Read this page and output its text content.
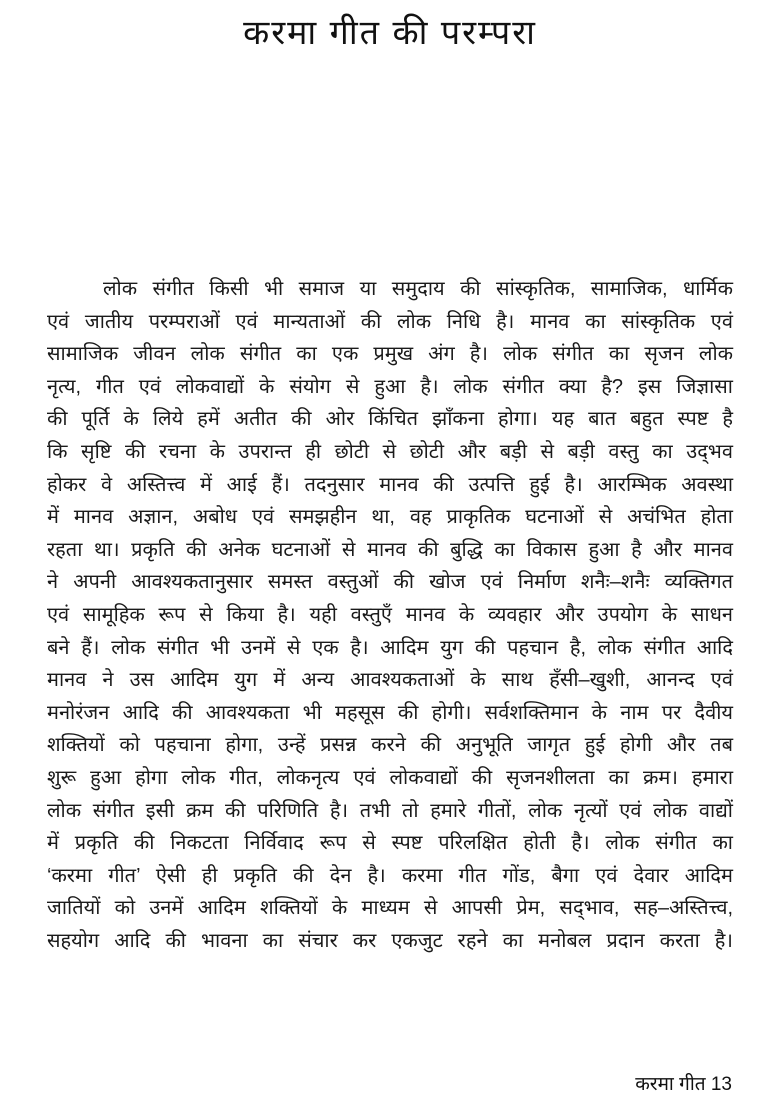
करमा गीत की परम्परा
लोक संगीत किसी भी समाज या समुदाय की सांस्कृतिक, सामाजिक, धार्मिक
एवं जातीय परम्पराओं एवं मान्यताओं की लोक निधि है। मानव का सांस्कृतिक एवं
सामाजिक जीवन लोक संगीत का एक प्रमुख अंग है। लोक संगीत का सृजन लोक
नृत्य, गीत एवं लोकवाद्यों के संयोग से हुआ है। लोक संगीत क्या है? इस जिज्ञासा
की पूर्ति के लिये हमें अतीत की ओर किंचित झाँकना होगा। यह बात बहुत स्पष्ट है
कि सृष्टि की रचना के उपरान्त ही छोटी से छोटी और बड़ी से बड़ी वस्तु का उद्‌भव
होकर वे अस्तित्त्व में आई हैं। तदनुसार मानव की उत्पत्ति हुई है। आरम्भिक अवस्था
में मानव अज्ञान, अबोध एवं समझहीन था, वह प्राकृतिक घटनाओं से अचंभित होता
रहता था। प्रकृति की अनेक घटनाओं से मानव की बुद्धि का विकास हुआ है और मानव
ने अपनी आवश्यकतानुसार समस्त वस्तुओं की खोज एवं निर्माण शनैः–शनैः व्यक्तिगत
एवं सामूहिक रूप से किया है। यही वस्तुएँ मानव के व्यवहार और उपयोग के साधन
बने हैं। लोक संगीत भी उनमें से एक है। आदिम युग की पहचान है, लोक संगीत आदि
मानव ने उस आदिम युग में अन्य आवश्यकताओं के साथ हँसी–खुशी, आनन्द एवं
मनोरंजन आदि की आवश्यकता भी महसूस की होगी। सर्वशक्तिमान के नाम पर दैवीय
शक्तियों को पहचाना होगा, उन्हें प्रसन्न करने की अनुभूति जागृत हुई होगी और तब
शुरू हुआ होगा लोक गीत, लोकनृत्य एवं लोकवाद्यों की सृजनशीलता का क्रम। हमारा
लोक संगीत इसी क्रम की परिणिति है। तभी तो हमारे गीतों, लोक नृत्यों एवं लोक वाद्यों
में प्रकृति की निकटता निर्विवाद रूप से स्पष्ट परिलक्षित होती है। लोक संगीत का
‘करमा गीत’ ऐसी ही प्रकृति की देन है। करमा गीत गोंड, बैगा एवं देवार आदिम
जातियों को उनमें आदिम शक्तियों के माध्यम से आपसी प्रेम, सद्‌भाव, सह–अस्तित्त्व,
सहयोग आदि की भावना का संचार कर एकजुट रहने का मनोबल प्रदान करता है।
करमा गीत 13
